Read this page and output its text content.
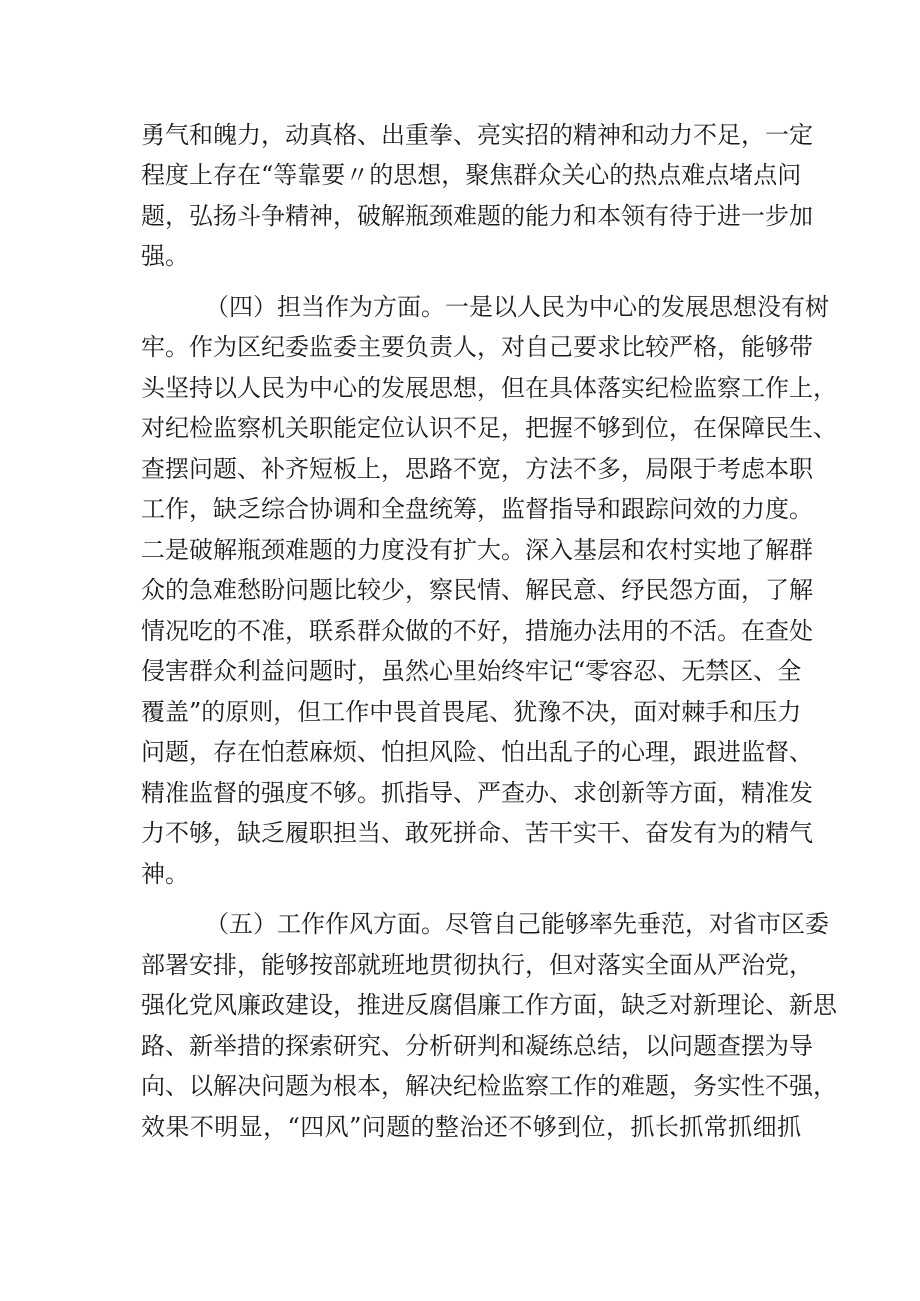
勇气和魄力，动真格、出重拳、亮实招的精神和动力不足，一定
程度上存在“等靠要〃的思想，聚焦群众关心的热点难点堵点问
题，弘扬斗争精神，破解瓶颈难题的能力和本领有待于进一步加
强。
（四）担当作为方面。一是以人民为中心的发展思想没有树
牢。作为区纪委监委主要负责人，对自己要求比较严格，能够带
头坚持以人民为中心的发展思想，但在具体落实纪检监察工作上，
对纪检监察机关职能定位认识不足，把握不够到位，在保障民生、
查摆问题、补齐短板上，思路不宽，方法不多，局限于考虑本职
工作，缺乏综合协调和全盘统筹，监督指导和跟踪问效的力度。
二是破解瓶颈难题的力度没有扩大。深入基层和农村实地了解群
众的急难愁盼问题比较少，察民情、解民意、纾民怨方面，了解
情况吃的不准，联系群众做的不好，措施办法用的不活。在查处
侵害群众利益问题时，虽然心里始终牢记“零容忍、无禁区、全
覆盖”的原则，但工作中畏首畏尾、犹豫不决，面对棘手和压力
问题，存在怕惹麻烦、怕担风险、怕出乱子的心理，跟进监督、
精准监督的强度不够。抓指导、严查办、求创新等方面，精准发
力不够，缺乏履职担当、敢死拼命、苦干实干、奋发有为的精气
神。
（五）工作作风方面。尽管自己能够率先垂范，对省市区委
部署安排，能够按部就班地贯彻执行，但对落实全面从严治党，
强化党风廉政建设，推进反腐倡廉工作方面，缺乏对新理论、新思
路、新举措的探索研究、分析研判和凝练总结，以问题查摆为导
向、以解决问题为根本，解决纪检监察工作的难题，务实性不强，
效果不明显，“四风”问题的整治还不够到位，抓长抓常抓细抓
